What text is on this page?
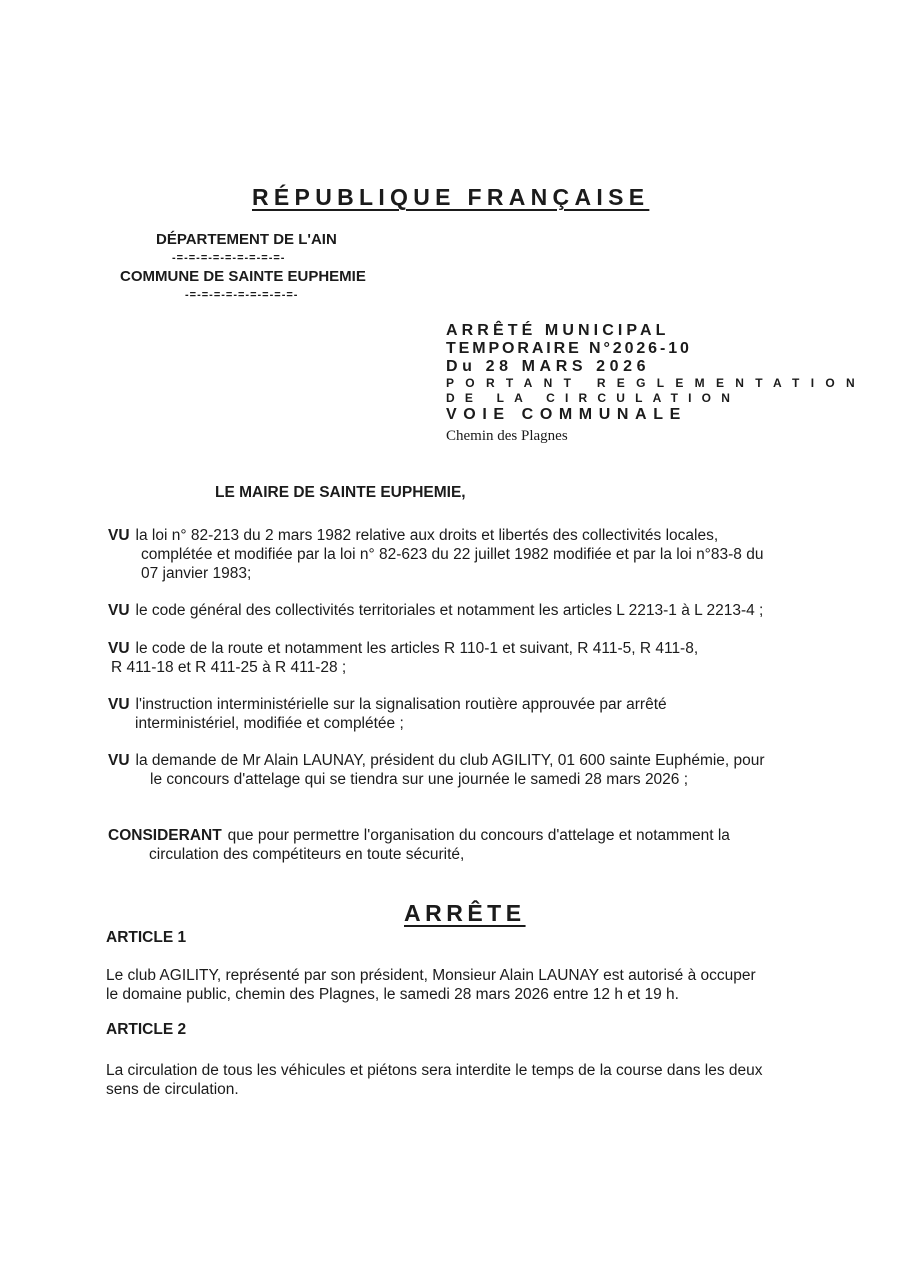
RÉPUBLIQUE FRANÇAISE
DÉPARTEMENT DE L'AIN
-=-=-=-=-=-=-=-=-=-
COMMUNE DE SAINTE EUPHEMIE
-=-=-=-=-=-=-=-=-=-
ARRÊTÉ MUNICIPAL
TEMPORAIRE N°2026-10
Du 28 MARS 2026
PORTANT REGLEMENTATION
DE LA CIRCULATION
VOIE COMMUNALE
Chemin des Plagnes
LE MAIRE DE SAINTE EUPHEMIE,
VU la loi n° 82-213 du 2 mars 1982 relative aux droits et libertés des collectivités locales,
complétée et modifiée par la loi n° 82-623 du 22 juillet 1982 modifiée et par la loi n°83-8 du
07 janvier 1983;
VU le code général des collectivités territoriales et notamment les articles L 2213-1 à L 2213-4 ;
VU le code de la route et notamment les articles R 110-1 et suivant, R 411-5, R 411-8,
R 411-18 et R 411-25 à R 411-28 ;
VU l'instruction interministérielle sur la signalisation routière approuvée par arrêté
interministériel, modifiée et complétée ;
VU la demande de Mr Alain LAUNAY, président du club AGILITY, 01 600 sainte Euphémie, pour
le concours d'attelage qui se tiendra sur une journée le samedi 28 mars 2026 ;
CONSIDERANT que pour permettre l'organisation du concours d'attelage et notamment la
circulation des compétiteurs en toute sécurité,
ARRÊTE
ARTICLE 1
Le club AGILITY, représenté par son président, Monsieur Alain LAUNAY est autorisé à occuper
le domaine public, chemin des Plagnes, le samedi 28 mars 2026 entre 12 h et 19 h.
ARTICLE 2
La circulation de tous les véhicules et piétons sera interdite le temps de la course dans les deux
sens de circulation.
